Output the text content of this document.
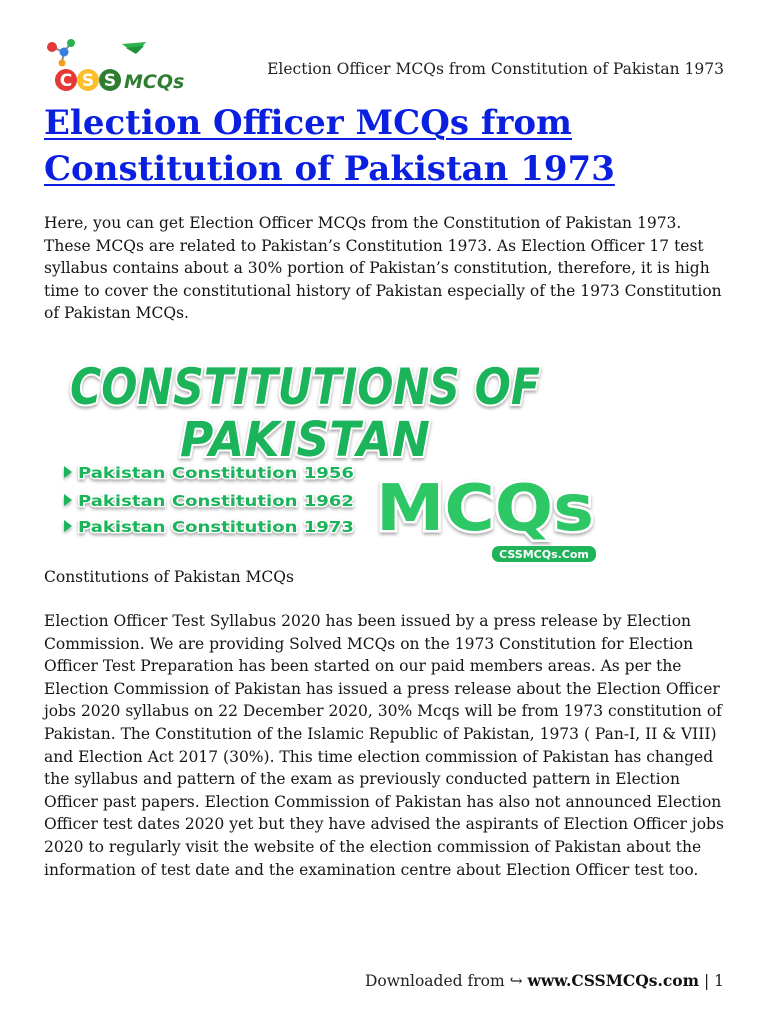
C S S MCQs
Election Officer MCQs from Constitution of Pakistan 1973
Election Officer MCQs from Constitution of Pakistan 1973

Here, you can get Election Officer MCQs from the Constitution of Pakistan 1973. These MCQs are related to Pakistan’s Constitution 1973. As Election Officer 17 test syllabus contains about a 30% portion of Pakistan’s constitution, therefore, it is high time to cover the constitutional history of Pakistan especially of the 1973 Constitution of Pakistan MCQs.

CONSTITUTIONS OF
PAKISTAN
Pakistan Constitution 1956
Pakistan Constitution 1962
Pakistan Constitution 1973 MCQs
CSSMCQs.Com

Constitutions of Pakistan MCQs

Election Officer Test Syllabus 2020 has been issued by a press release by Election Commission. We are providing Solved MCQs on the 1973 Constitution for Election Officer Test Preparation has been started on our paid members areas. As per the Election Commission of Pakistan has issued a press release about the Election Officer jobs 2020 syllabus on 22 December 2020, 30% Mcqs will be from 1973 constitution of Pakistan. The Constitution of the Islamic Republic of Pakistan, 1973 ( Pan-I, II & VIII) and Election Act 2017 (30%). This time election commission of Pakistan has changed the syllabus and pattern of the exam as previously conducted pattern in Election Officer past papers. Election Commission of Pakistan has also not announced Election Officer test dates 2020 yet but they have advised the aspirants of Election Officer jobs 2020 to regularly visit the website of the election commission of Pakistan about the information of test date and the examination centre about Election Officer test too.

Downloaded from ↪ www.CSSMCQs.com | 1
